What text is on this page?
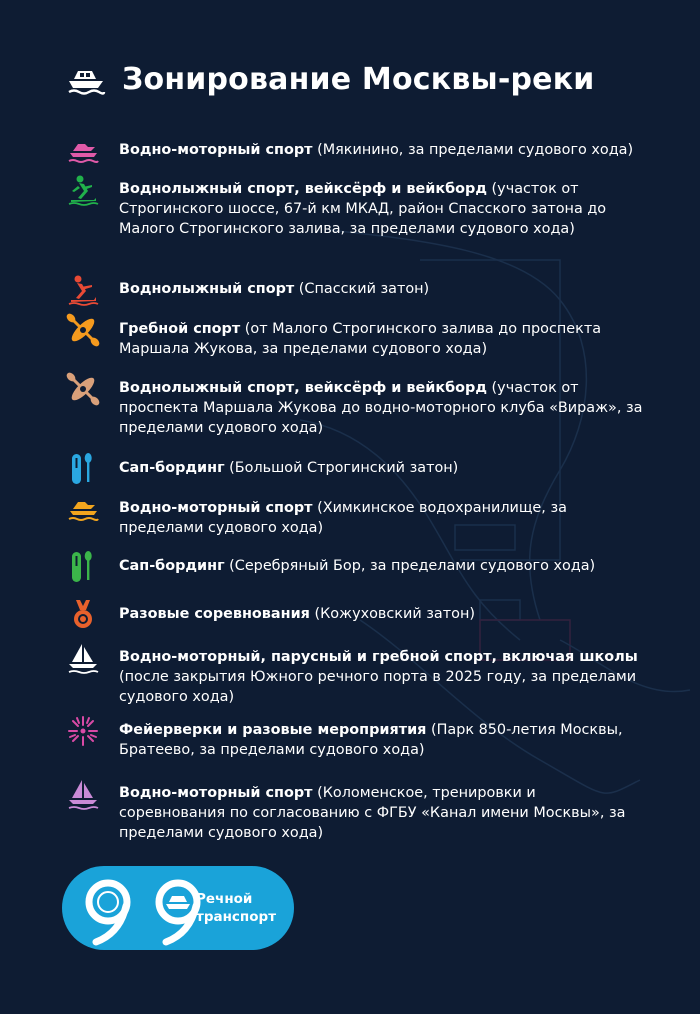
Зонирование Москвы-реки
Водно-моторный спорт (Мякинино, за пределами судового хода)
Воднолыжный спорт, вейксёрф и вейкборд (участок от Строгинского шоссе, 67-й км МКАД, район Спасского затона до Малого Строгинского залива, за пределами судового хода)
Воднолыжный спорт (Спасский затон)
Гребной спорт (от Малого Строгинского залива до проспекта Маршала Жукова, за пределами судового хода)
Воднолыжный спорт, вейксёрф и вейкборд (участок от проспекта Маршала Жукова до водно-моторного клуба «Вираж», за пределами судового хода)
Сап-бординг (Большой Строгинский затон)
Водно-моторный спорт (Химкинское водохранилище, за пределами судового хода)
Сап-бординг (Серебряный Бор, за пределами судового хода)
Разовые соревнования (Кожуховский затон)
Водно-моторный, парусный и гребной спорт, включая школы (после закрытия Южного речного порта в 2025 году, за пределами судового хода)
Фейерверки и разовые мероприятия (Парк 850-летия Москвы, Братеево, за пределами судового хода)
Водно-моторный спорт (Коломенское, тренировки и соревнования по согласованию с ФГБУ «Канал имени Москвы», за пределами судового хода)
Речной
транспорт
